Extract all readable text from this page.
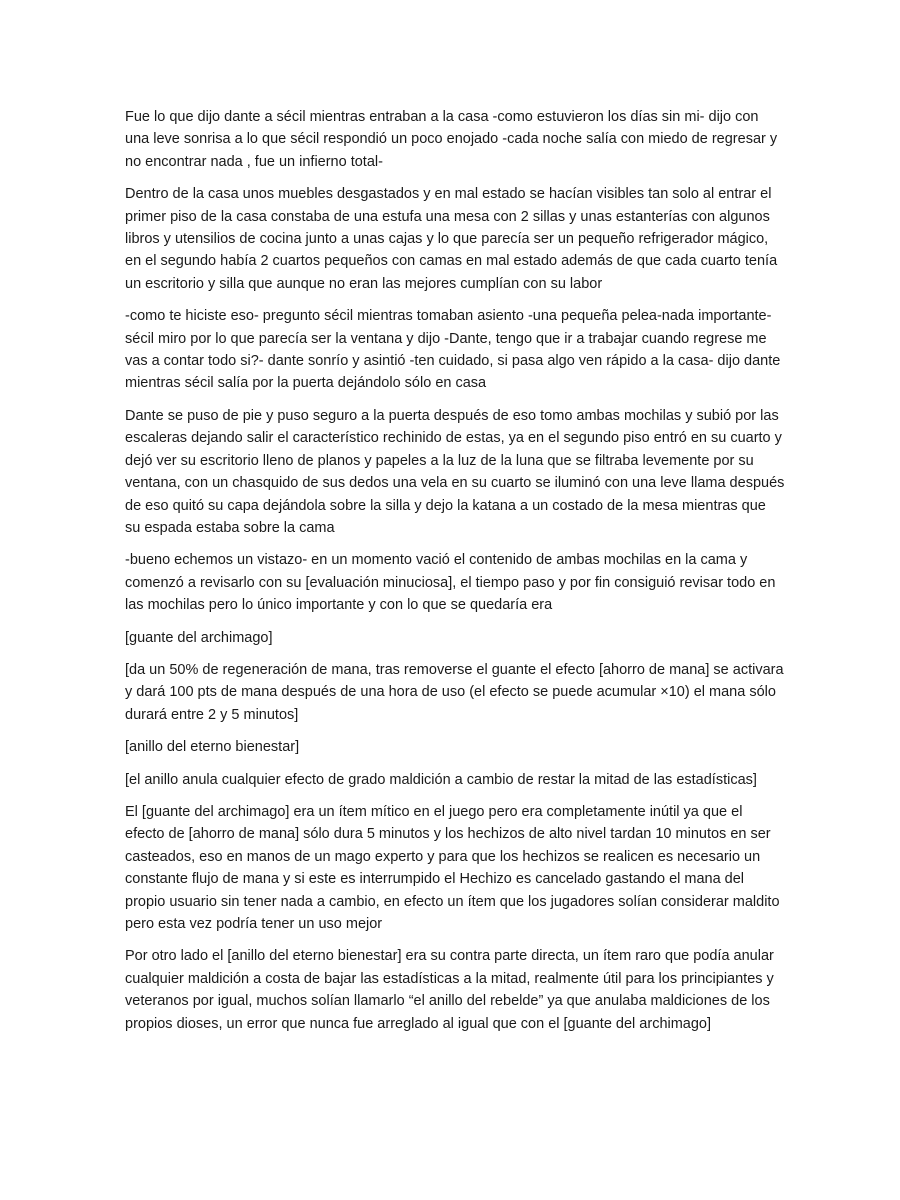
Fue lo que dijo dante a sécil mientras entraban a la casa -como estuvieron los días sin mi- dijo con una leve sonrisa a lo que sécil respondió un poco enojado -cada noche salía con miedo de regresar y no encontrar nada , fue un infierno total-

Dentro de la casa unos muebles desgastados y en mal estado se hacían visibles tan solo al entrar el primer piso de la casa constaba de una estufa una mesa con 2 sillas y unas estanterías con algunos libros y utensilios de cocina junto a unas cajas y lo que parecía ser un pequeño refrigerador mágico, en el segundo había 2 cuartos pequeños con camas en mal estado además de que cada cuarto tenía un escritorio y silla que aunque no eran las mejores cumplían con su labor

-como te hiciste eso- pregunto sécil mientras tomaban asiento -una pequeña pelea-nada importante- sécil miro por lo que parecía ser la ventana y dijo -Dante, tengo que ir a trabajar cuando regrese me vas a contar todo si?- dante sonrío y asintió -ten cuidado, si pasa algo ven rápido a la casa- dijo dante mientras sécil salía por la puerta dejándolo sólo en casa

Dante se puso de pie y puso seguro a la puerta después de eso tomo ambas mochilas y subió por las escaleras dejando salir el característico rechinido de estas, ya en el segundo piso entró en su cuarto y dejó ver su escritorio lleno de planos y papeles a la luz de la luna que se filtraba levemente por su ventana, con un chasquido de sus dedos una vela en su cuarto se iluminó con una leve llama después de eso quitó su capa dejándola sobre la silla y dejo la katana a un costado de la mesa mientras que su espada estaba sobre la cama

-bueno echemos un vistazo- en un momento vació el contenido de ambas mochilas en la cama y comenzó a revisarlo con su [evaluación minuciosa], el tiempo paso y por fin consiguió revisar todo en las mochilas pero lo único importante y con lo que se quedaría era

[guante del archimago]

[da un 50% de regeneración de mana, tras removerse el guante el efecto [ahorro de mana] se activara y dará 100 pts de mana después de una hora de uso (el efecto se puede acumular ×10) el mana sólo durará entre 2 y 5 minutos]

[anillo del eterno bienestar]

[el anillo anula cualquier efecto de grado maldición a cambio de restar la mitad de las estadísticas]

El [guante del archimago] era un ítem mítico en el juego pero era completamente inútil ya que el efecto de [ahorro de mana] sólo dura 5 minutos y los hechizos de alto nivel tardan 10 minutos en ser casteados, eso en manos de un mago experto y para que los hechizos se realicen es necesario un constante flujo de mana y si este es interrumpido el Hechizo es cancelado gastando el mana del propio usuario sin tener nada a cambio, en efecto un ítem que los jugadores solían considerar maldito pero esta vez podría tener un uso mejor

Por otro lado el [anillo del eterno bienestar] era su contra parte directa, un ítem raro que podía anular cualquier maldición a costa de bajar las estadísticas a la mitad, realmente útil para los principiantes y veteranos por igual, muchos solían llamarlo “el anillo del rebelde” ya que anulaba maldiciones de los propios dioses, un error que nunca fue arreglado al igual que con el [guante del archimago]
